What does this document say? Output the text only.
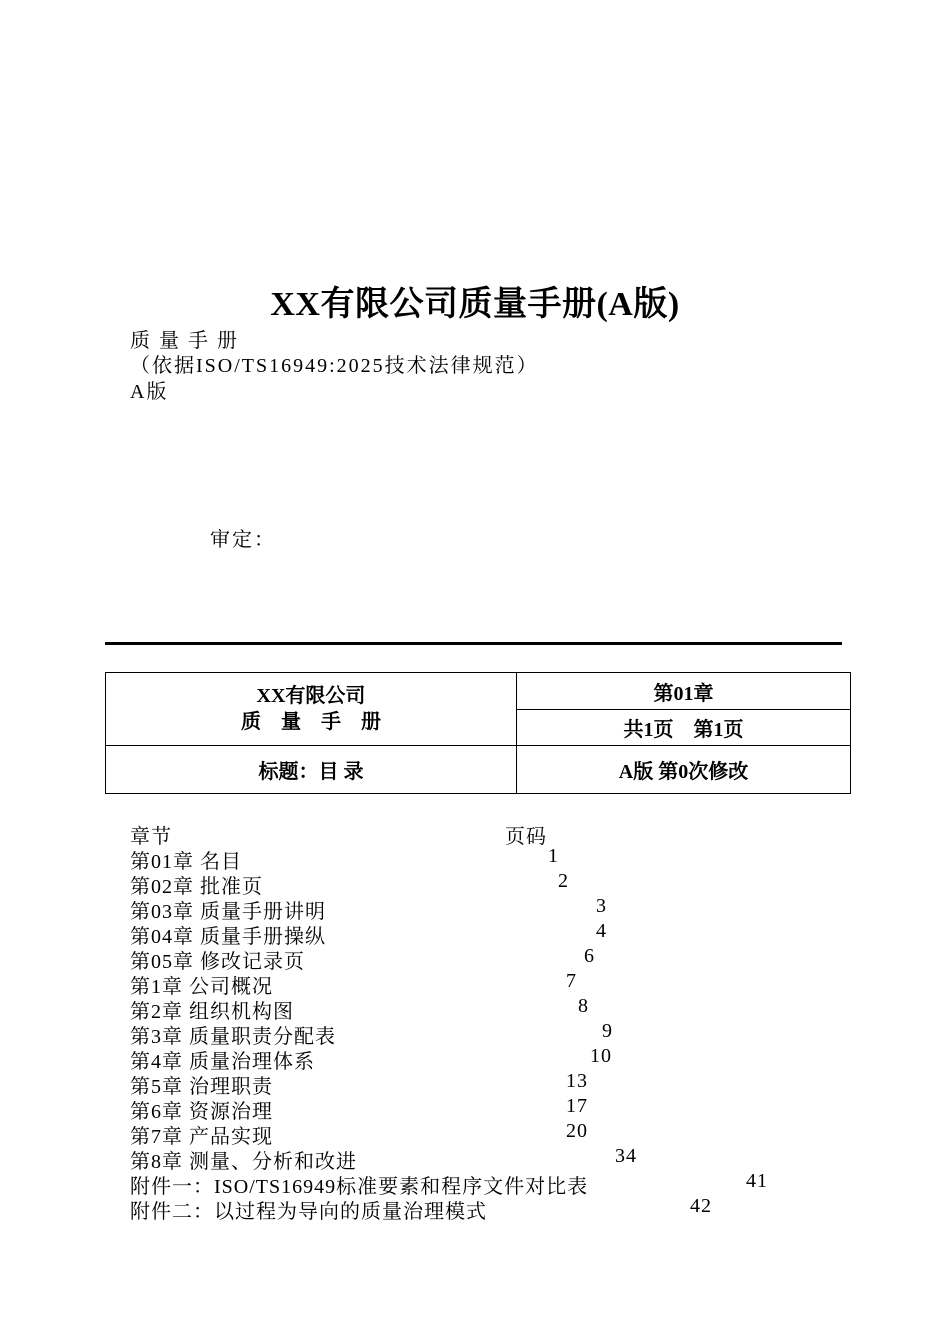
XX有限公司质量手册(A版)
质 量 手 册
（依据ISO/TS16949:2025技术法律规范）
A版
审定：
XX有限公司
质　量　手　册	第01章
	共1页　第1页
标题：目 录	A版 第0次修改
章节	页码
第01章 名目	1
第02章 批准页	2
第03章 质量手册讲明	3
第04章 质量手册操纵	4
第05章 修改记录页	6
第1章 公司概况	7
第2章 组织机构图	8
第3章 质量职责分配表	9
第4章 质量治理体系	10
第5章 治理职责	13
第6章 资源治理	17
第7章 产品实现	20
第8章 测量、分析和改进	34
附件一：ISO/TS16949标准要素和程序文件对比表	41
附件二：以过程为导向的质量治理模式	42
